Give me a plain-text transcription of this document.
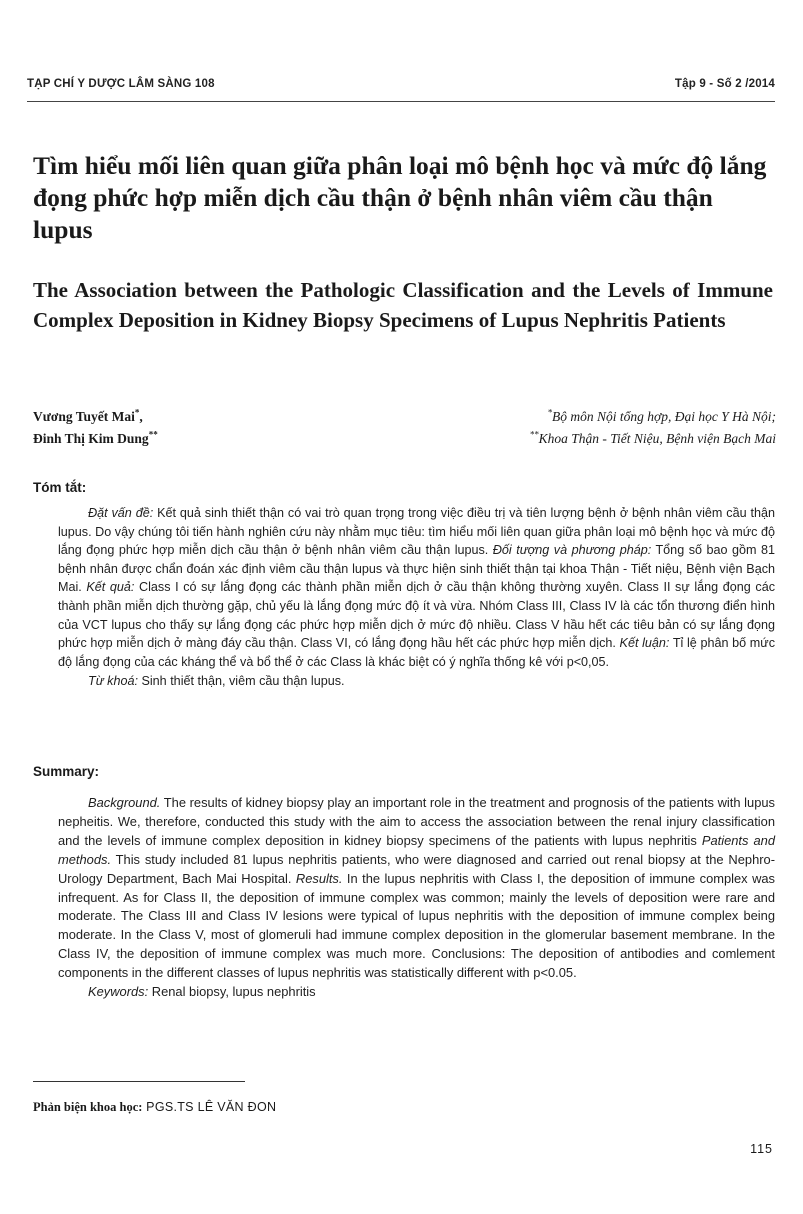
TẠP CHÍ Y DƯỢC LÂM SÀNG 108	Tập 9 - Số 2 /2014
Tìm hiểu mối liên quan giữa phân loại mô bệnh học và mức độ lắng đọng phức hợp miễn dịch cầu thận ở bệnh nhân viêm cầu thận lupus
The Association between the Pathologic Classification and the Levels of Immune Complex Deposition in Kidney Biopsy Specimens of Lupus Nephritis Patients
Vương Tuyết Mai*,
Đinh Thị Kim Dung**
*Bộ môn Nội tổng hợp, Đại học Y Hà Nội;
**Khoa Thận - Tiết Niệu, Bệnh viện Bạch Mai
Tóm tắt:

Đặt vấn đề: Kết quả sinh thiết thận có vai trò quan trọng trong việc điều trị và tiên lượng bệnh ở bệnh nhân viêm cầu thận lupus. Do vậy chúng tôi tiến hành nghiên cứu này nhằm mục tiêu: tìm hiểu mối liên quan giữa phân loại mô bệnh học và mức độ lắng đọng phức hợp miễn dịch cầu thận ở bệnh nhân viêm cầu thận lupus. Đối tượng và phương pháp: Tổng số bao gồm 81 bệnh nhân được chẩn đoán xác định viêm cầu thận lupus và thực hiện sinh thiết thận tại khoa Thận - Tiết niệu, Bệnh viện Bạch Mai. Kết quả: Class I có sự lắng đọng các thành phần miễn dịch ở cầu thận không thường xuyên. Class II sự lắng đọng các thành phần miễn dịch thường gặp, chủ yếu là lắng đọng mức độ ít và vừa. Nhóm Class III, Class IV là các tổn thương điển hình của VCT lupus cho thấy sự lắng đọng các phức hợp miễn dịch ở mức độ nhiều. Class V hầu hết các tiêu bản có sự lắng đọng phức hợp miễn dịch ở màng đáy cầu thận. Class VI, có lắng đọng hầu hết các phức hợp miễn dịch. Kết luận: Tỉ lệ phân bố mức độ lắng đọng của các kháng thể và bổ thể ở các Class là khác biệt có ý nghĩa thống kê với p<0,05.

Từ khoá: Sinh thiết thận, viêm cầu thận lupus.

Summary:

Background. The results of kidney biopsy play an important role in the treatment and prognosis of the patients with lupus nepheitis. We, therefore, conducted this study with the aim to access the association between the renal injury classification and the levels of immune complex deposition in kidney biopsy specimens of the patients with lupus nephritis Patients and methods. This study included 81 lupus nephritis patients, who were diagnosed and carried out renal biopsy at the Nephro-Urology Department, Bach Mai Hospital. Results. In the lupus nephritis with Class I, the deposition of immune complex was infrequent. As for Class II, the deposition of immune complex was common; mainly the levels of deposition were rare and moderate. The Class III and Class IV lesions were typical of lupus nephritis with the deposition of immune complex being moderate. In the Class V, most of glomeruli had immune complex deposition in the glomerular basement membrane. In the Class IV, the deposition of immune complex was much more. Conclusions: The deposition of antibodies and comlement components in the different classes of lupus nephritis was statistically different with p<0.05.

Keywords: Renal biopsy, lupus nephritis

Phản biện khoa học: PGS.TS LÊ VĂN ĐON
115
